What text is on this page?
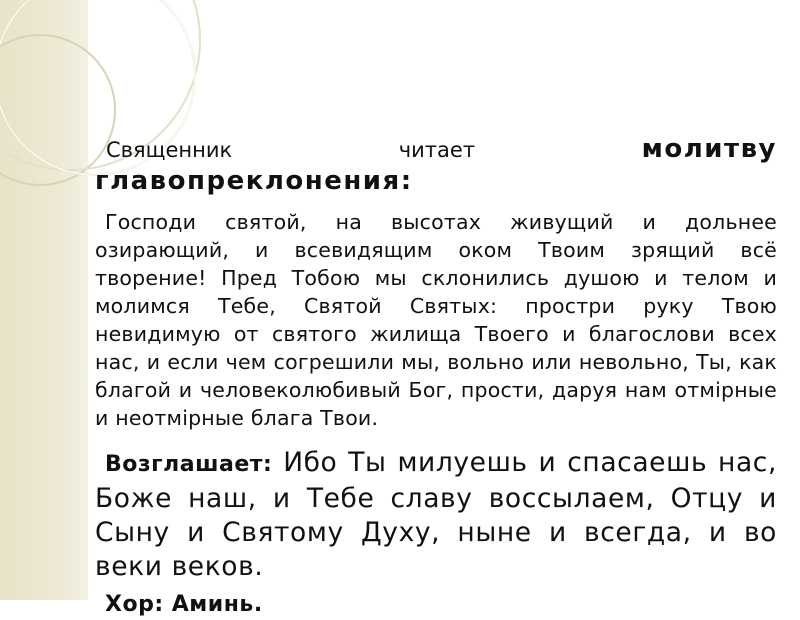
Священник	читает	молитву
главопреклонения:

Господи святой, на высотах живущий и дольнее озирающий, и всевидящим оком Твоим зрящий всё творение! Пред Тобою мы склонились душою и телом и молимся Тебе, Святой Святых: простри руку Твою невидимую от святого жилища Твоего и благослови всех нас, и если чем согрешили мы, вольно или невольно, Ты, как благой и человеколюбивый Бог, прости, даруя нам отмірные и неотмірные блага Твои.

Возглашает: Ибо Ты милуешь и спасаешь нас, Боже наш, и Тебе славу воссылаем, Отцу и Сыну и Святому Духу, ныне и всегда, и во веки веков.

Хор: Аминь.
